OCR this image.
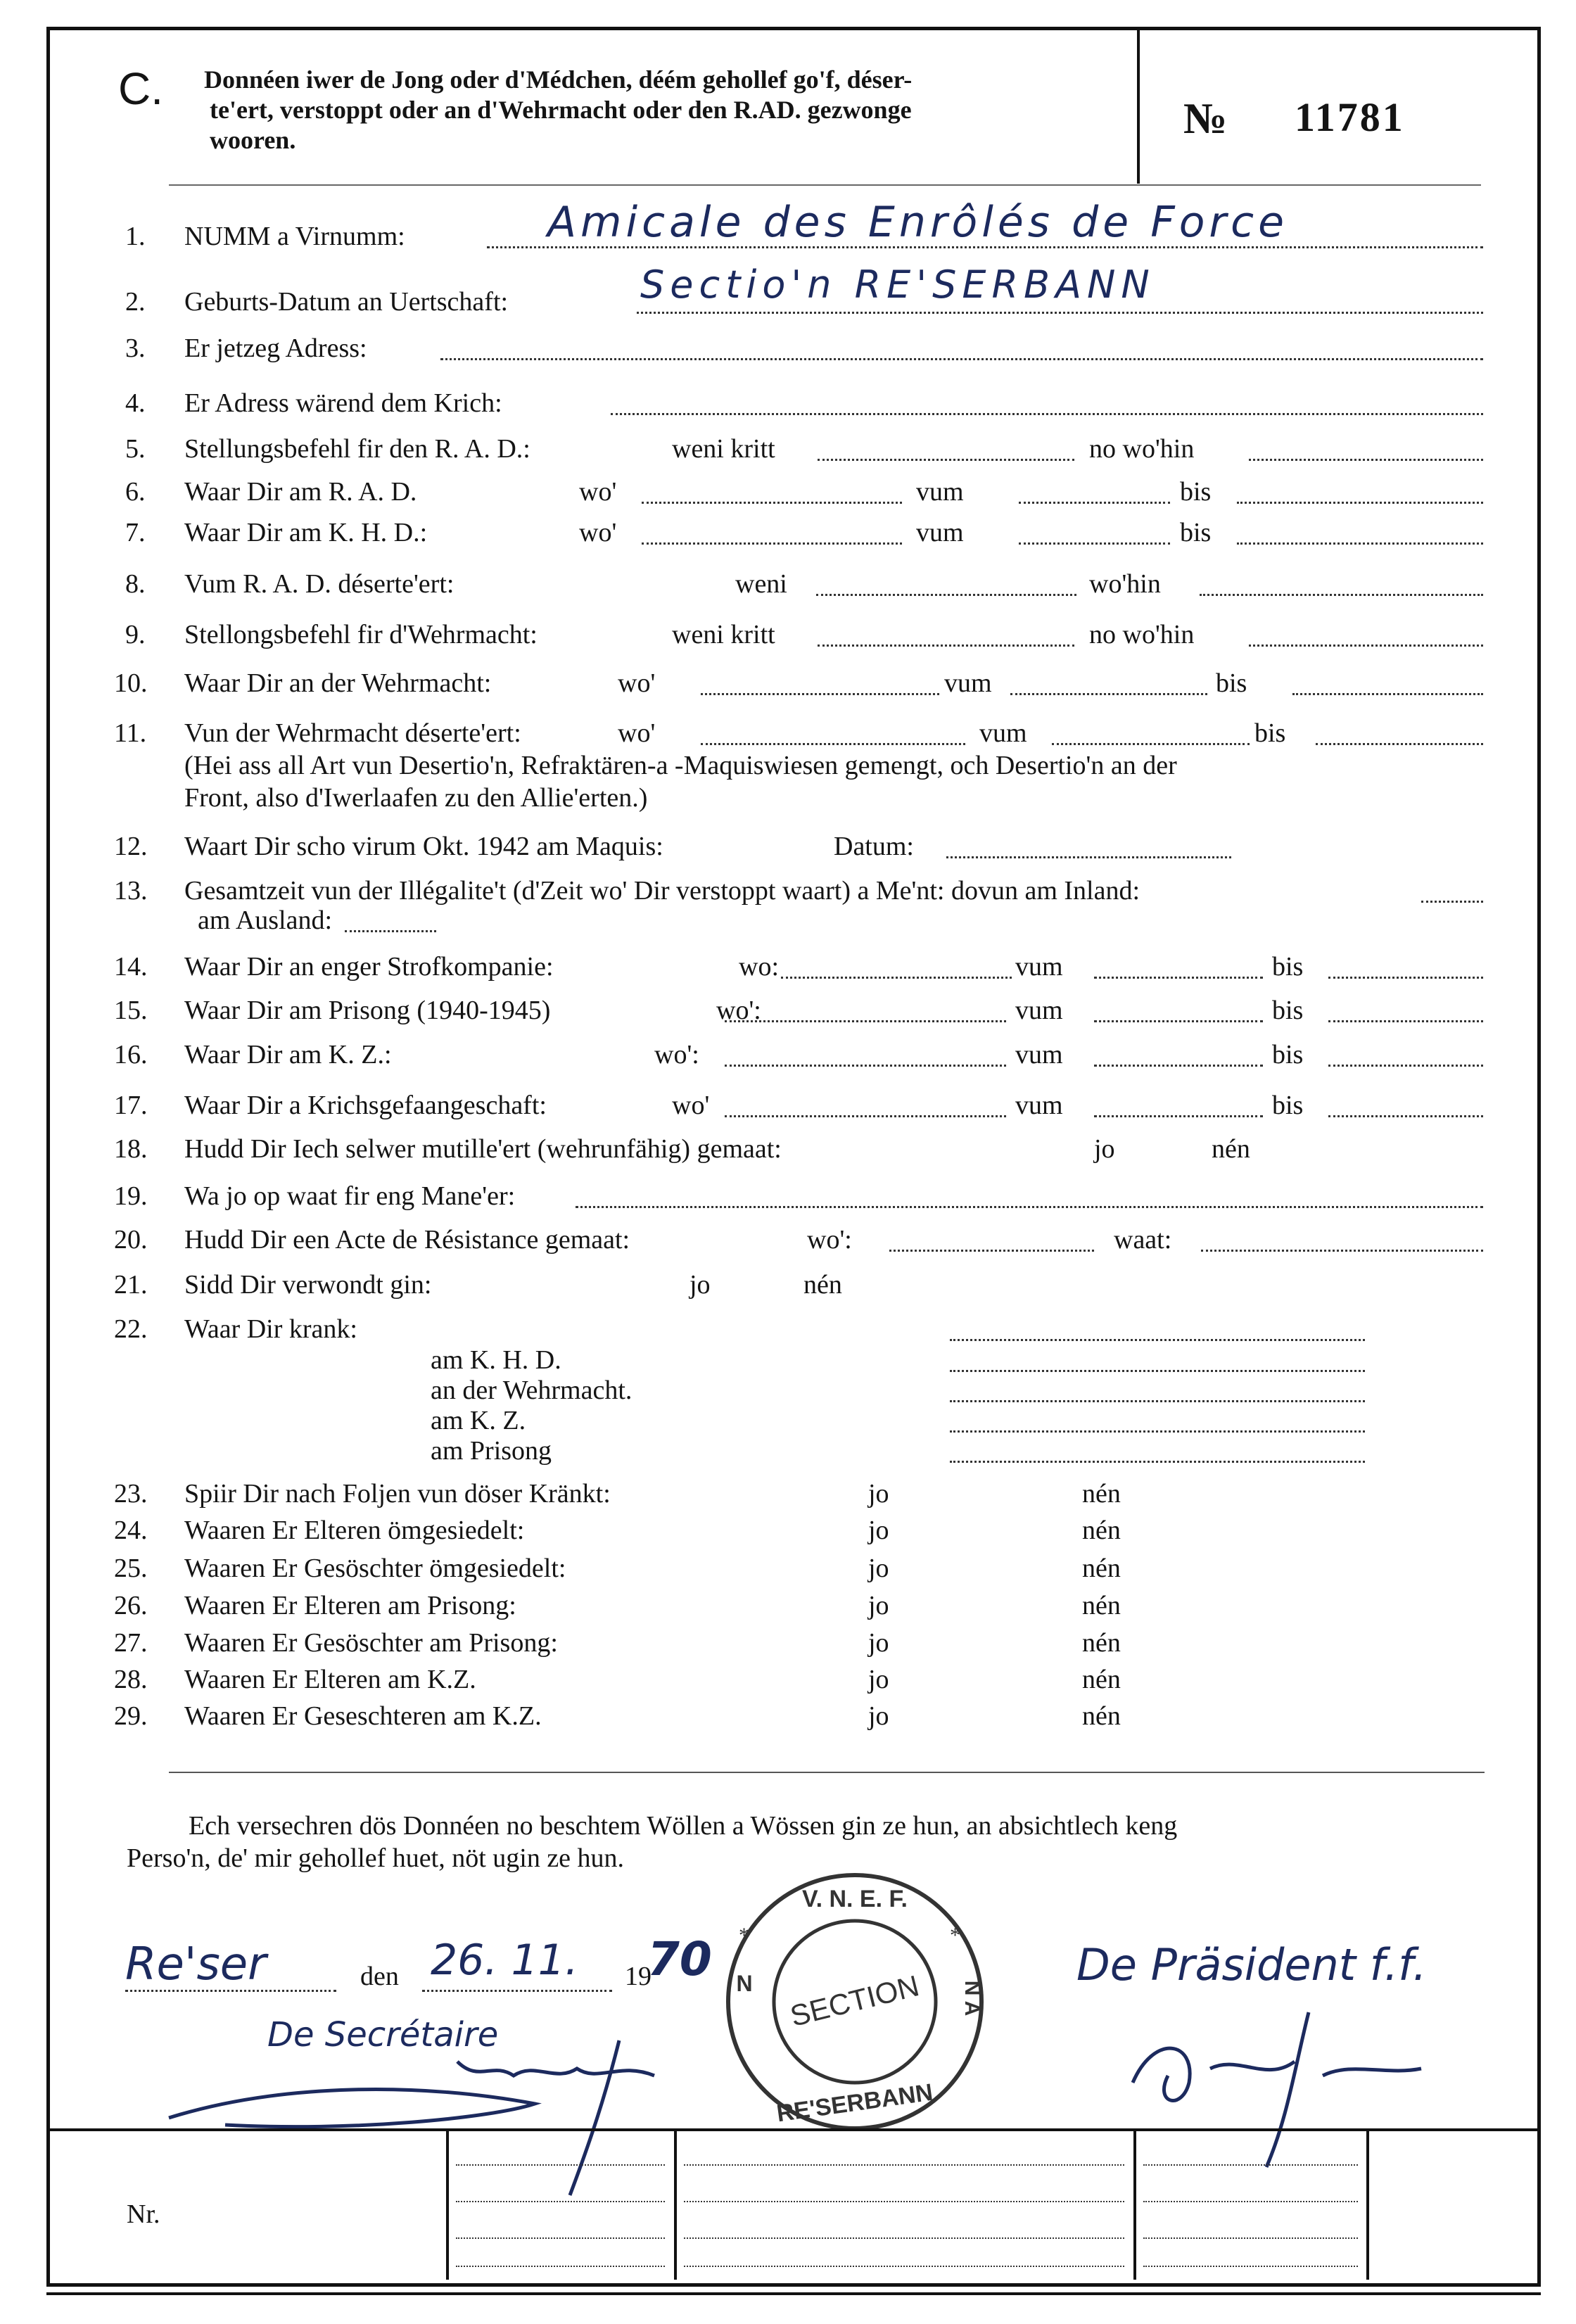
C. Donnéen iwer de Jong oder d'Médchen, déém gehollef go'f, déser-
te'ert, verstoppt oder an d'Wehrmacht oder den R.AD. gezwonge
wooren.	№ 11781
1. NUMM a Virnumm:
2. Geburts-Datum an Uertschaft:
3. Er jetzeg Adress:
4. Er Adress wärend dem Krich:
5. Stellungsbefehl fir den R. A. D.:	weni kritt	no wo'hin
6. Waar Dir am R. A. D.	wo'	vum	bis
7. Waar Dir am K. H. D.:	wo'	vum	bis
8. Vum R. A. D. déserte'ert:	weni	wo'hin
9. Stellongsbefehl fir d'Wehrmacht:	weni kritt	no wo'hin
10. Waar Dir an der Wehrmacht:	wo'	vum	bis
11. Vun der Wehrmacht déserte'ert:	wo'	vum	bis
(Hei ass all Art vun Desertio'n, Refraktären-a -Maquiswiesen gemengt, och Desertio'n an der
Front, also d'Iwerlaafen zu den Allie'erten.)
12. Waart Dir scho virum Okt. 1942 am Maquis:	Datum:
13. Gesamtzeit vun der Illégalite't (d'Zeit wo' Dir verstoppt waart) a Me'nt: dovun am Inland:
am Ausland:
14. Waar Dir an enger Strofkompanie:	wo:	vum	bis
15. Waar Dir am Prisong (1940-1945)	wo':	vum	bis
16. Waar Dir am K. Z.:	wo':	vum	bis
17. Waar Dir a Krichsgefaangeschaft:	wo'	vum	bis
18. Hudd Dir Iech selwer mutille'ert (wehrunfähig) gemaat:	jo	nén
19. Wa jo op waat fir eng Mane'er:
20. Hudd Dir een Acte de Résistance gemaat:	wo':	waat:
21. Sidd Dir verwondt gin:	jo	nén
22. Waar Dir krank:
am K. H. D.
an der Wehrmacht.
am K. Z.
am Prisong
23. Spiir Dir nach Foljen vun döser Kränkt:	jo	nén
24. Waaren Er Elteren ömgesiedelt:	jo	nén
25. Waaren Er Gesöschter ömgesiedelt:	jo	nén
26. Waaren Er Elteren am Prisong:	jo	nén
27. Waaren Er Gesöschter am Prisong:	jo	nén
28. Waaren Er Elteren am K.Z.	jo	nén
29. Waaren Er Geseschteren am K.Z.	jo	nén
Amicale des Enrôlés de Force
Sectio'n RE'SERBANN
Ech versechren dös Donnéen no beschtem Wöllen a Wössen gin ze hun, an absichtlech keng
Perso'n, de' mir gehollef huet, nöt ugin ze hun.
Re'ser	den 26. 11. 19
70
De Secrétaire
De Präsident f.f.
V. N. E. F.
SECTION
N	N A
RE'SERBANN
*	*
Nr.
